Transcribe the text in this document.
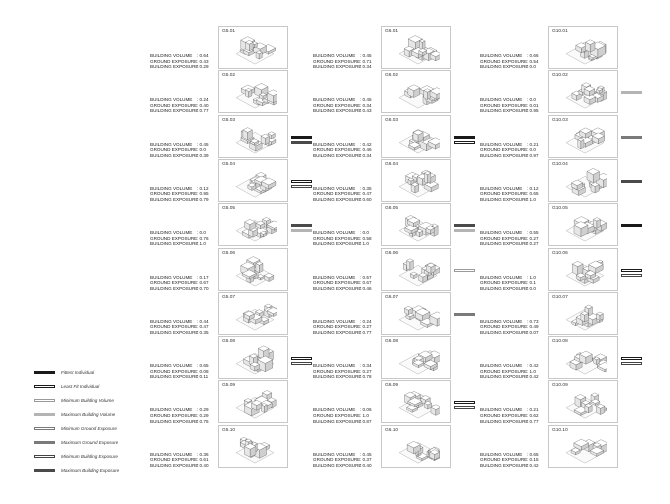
BUILDING VOLUME	: 0.64
GROUND EXPOSURE : 0.43
BUILDING EXPOSURE
: 0.29
G5.01
BUILDING VOLUME	: 0.24
GROUND EXPOSURE : 0.40
BUILDING EXPOSURE
: 0.77
G5.02
BUILDING VOLUME	: 0.45
GROUND EXPOSURE : 0.0
BUILDING EXPOSURE
: 0.39
G5.03
BUILDING VOLUME	: 0.12
GROUND EXPOSURE : 0.95
BUILDING EXPOSURE
: 0.79
G5.04
BUILDING VOLUME	: 0.0
GROUND EXPOSURE : 0.76
BUILDING EXPOSURE
: 1.0
G5.05
BUILDING VOLUME	: 0.17
GROUND EXPOSURE : 0.67
BUILDING EXPOSURE
: 0.70
G5.06
BUILDING VOLUME	: 0.44
GROUND EXPOSURE : 0.47
BUILDING EXPOSURE
: 0.35
G5.07
BUILDING VOLUME	: 0.65
GROUND EXPOSURE : 0.08
BUILDING EXPOSURE
: 0.11
G5.08
BUILDING VOLUME	: 0.29
GROUND EXPOSURE : 0.29
BUILDING EXPOSURE
: 0.75
G5.09
BUILDING VOLUME	: 0.36
GROUND EXPOSURE : 0.61
BUILDING EXPOSURE
: 0.40
G5.10
BUILDING VOLUME	: 0.45
GROUND EXPOSURE : 0.71
BUILDING EXPOSURE
: 0.34
G6.01
BUILDING VOLUME	: 0.45
GROUND EXPOSURE : 0.34
BUILDING EXPOSURE
: 0.43
G6.02
BUILDING VOLUME	: 0.42
GROUND EXPOSURE : 0.46
BUILDING EXPOSURE
: 0.34
G6.03
BUILDING VOLUME	: 0.35
GROUND EXPOSURE : 0.47
BUILDING EXPOSURE
: 0.60
G6.04
BUILDING VOLUME	: 0.0
GROUND EXPOSURE : 0.58
BUILDING EXPOSURE
: 1.0
G6.05
BUILDING VOLUME	: 0.57
GROUND EXPOSURE : 0.67
BUILDING EXPOSURE
: 0.46
G6.06
BUILDING VOLUME	: 0.24
GROUND EXPOSURE : 0.27
BUILDING EXPOSURE
: 0.77
G6.07
BUILDING VOLUME	: 0.34
GROUND EXPOSURE : 0.27
BUILDING EXPOSURE
: 0.78
G6.08
BUILDING VOLUME	: 0.06
GROUND EXPOSURE : 1.0
BUILDING EXPOSURE
: 0.87
G6.09
BUILDING VOLUME	: 0.45
GROUND EXPOSURE : 0.37
BUILDING EXPOSURE
: 0.40
G6.10
BUILDING VOLUME	: 0.66
GROUND EXPOSURE : 0.54
BUILDING EXPOSURE
: 0.0
G10.01
BUILDING VOLUME	: 0.0
GROUND EXPOSURE : 0.01
BUILDING EXPOSURE
: 0.95
G10.02
BUILDING VOLUME	: 0.21
GROUND EXPOSURE : 0.0
BUILDING EXPOSURE
: 0.97
G10.03
BUILDING VOLUME	: 0.12
GROUND EXPOSURE : 0.65
BUILDING EXPOSURE
: 1.0
G10.04
BUILDING VOLUME	: 0.55
GROUND EXPOSURE : 0.27
BUILDING EXPOSURE
: 0.27
G10.05
BUILDING VOLUME	: 1.0
GROUND EXPOSURE : 0.1
BUILDING EXPOSURE
: 0.0
G10.06
BUILDING VOLUME	: 0.73
GROUND EXPOSURE : 0.49
BUILDING EXPOSURE
: 0.07
G10.07
BUILDING VOLUME	: 0.42
GROUND EXPOSURE : 1.0
BUILDING EXPOSURE
: 0.42
G10.08
BUILDING VOLUME	: 0.21
GROUND EXPOSURE : 0.62
BUILDING EXPOSURE
: 0.77
G10.09
BUILDING VOLUME	: 0.65
GROUND EXPOSURE : 0.15
BUILDING EXPOSURE
: 0.42
G10.10
Fittest Individual
Least Fit Individual
Minimum Building Volume
Maximum Building Volume
Minimum Ground Exposure
Maximum Ground Exposure
Minimum Building Exposure
Maximum Building Exposure
